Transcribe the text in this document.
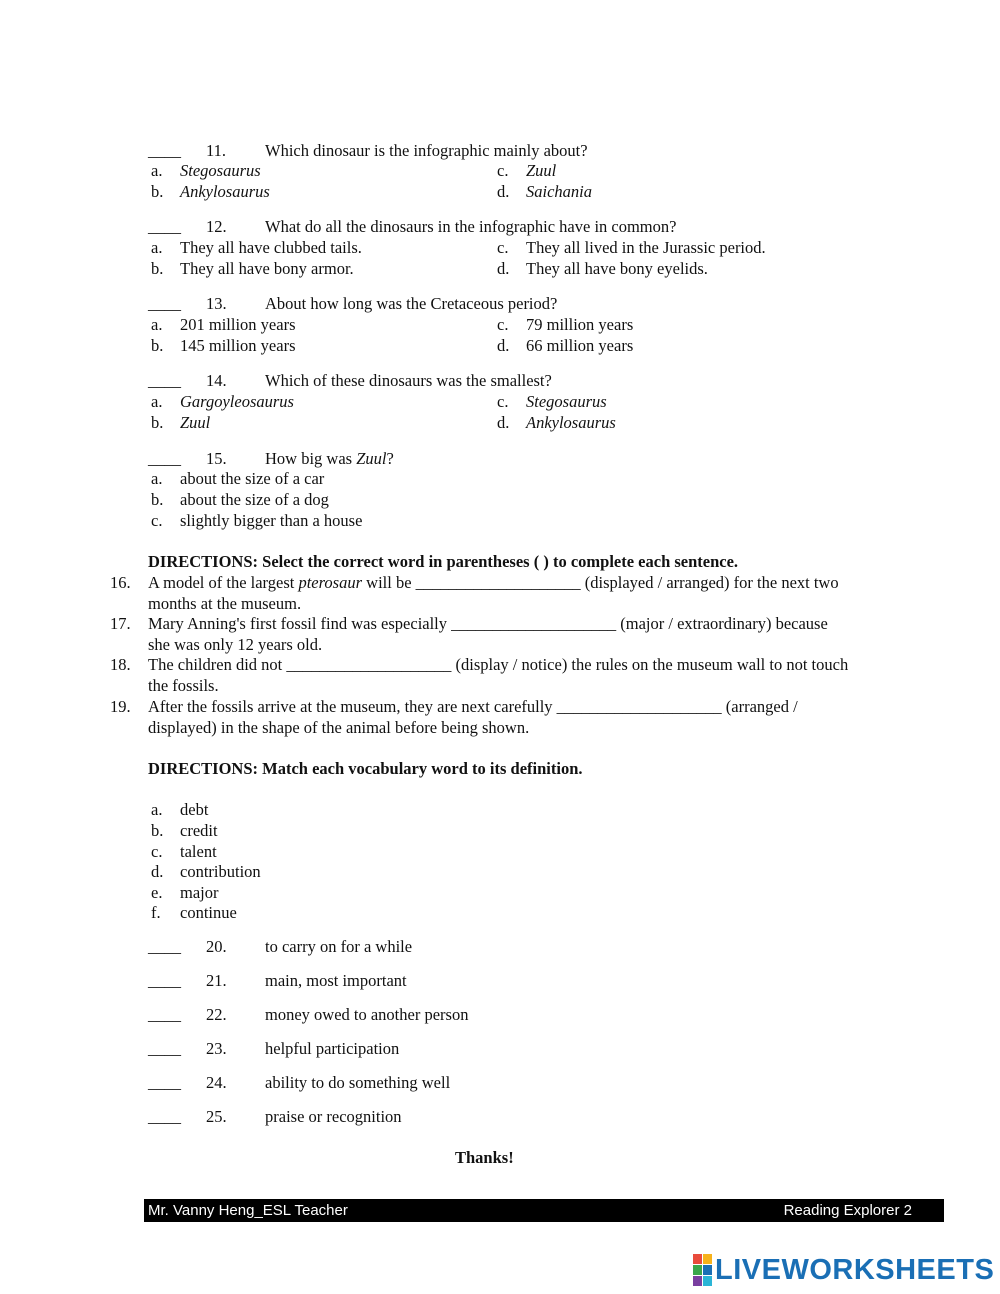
____ 11. Which dinosaur is the infographic mainly about?
a. Stegosaurus
b. Ankylosaurus
c. Zuul
d. Saichania
____ 12. What do all the dinosaurs in the infographic have in common?
a. They all have clubbed tails.
b. They all have bony armor.
c. They all lived in the Jurassic period.
d. They all have bony eyelids.
____ 13. About how long was the Cretaceous period?
a. 201 million years
b. 145 million years
c. 79 million years
d. 66 million years
____ 14. Which of these dinosaurs was the smallest?
a. Gargoyleosaurus
b. Zuul
c. Stegosaurus
d. Ankylosaurus
____ 15. How big was Zuul?
a. about the size of a car
b. about the size of a dog
c. slightly bigger than a house
DIRECTIONS: Select the correct word in parentheses ( ) to complete each sentence.
16. A model of the largest pterosaur will be ____________________ (displayed / arranged) for the next two
months at the museum.
17. Mary Anning's first fossil find was especially ____________________ (major / extraordinary) because
she was only 12 years old.
18. The children did not ____________________ (display / notice) the rules on the museum wall to not touch
the fossils.
19. After the fossils arrive at the museum, they are next carefully ____________________ (arranged /
displayed) in the shape of the animal before being shown.
DIRECTIONS: Match each vocabulary word to its definition.
a. debt
b. credit
c. talent
d. contribution
e. major
f. continue
____ 20. to carry on for a while
____ 21. main, most important
____ 22. money owed to another person
____ 23. helpful participation
____ 24. ability to do something well
____ 25. praise or recognition
Thanks!
Mr. Vanny Heng_ESL Teacher	Reading Explorer 2
LIVEWORKSHEETS
